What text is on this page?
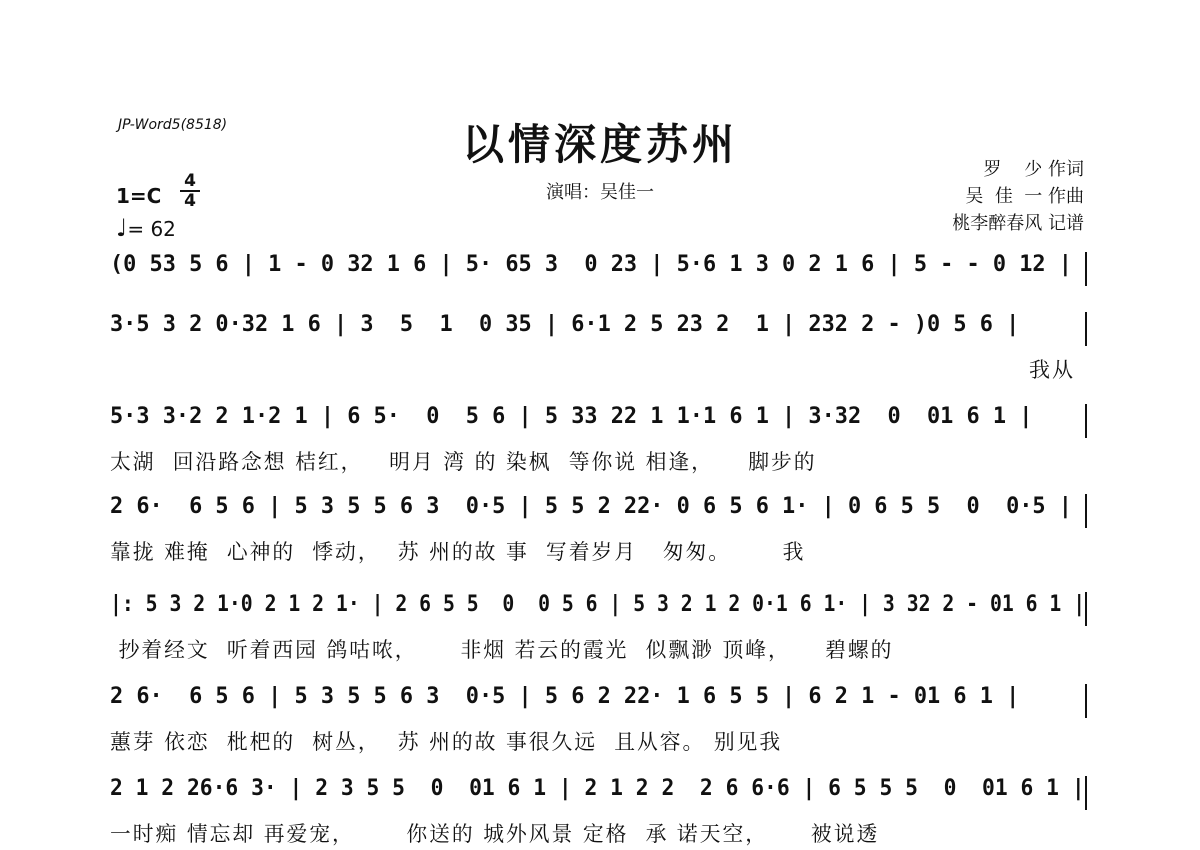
JP-Word5(8518)	以情深度苏州
演唱：吴佳一
罗    少 作词
吴  佳  一 作曲
桃李醉春风 记谱
1=C
4
4
♩= 62
(0 53 5 6 | 1 - 0 32 1 6 | 5· 65 3  0 23 | 5·6 1 3 0 2 1 6 | 5 - - 0 12 |
3·5 3 2 0·32 1 6 | 3  5  1  0 35 | 6·1 2 5 23 2  1 | 232 2 - )0 5 6 |
我从
5·3 3·2 2 1·2 1 | 6 5·  0  5 6 | 5 33 22 1 1·1 6 1 | 3·32  0  01 6 1 |
太湖  回沿路念想 桔红，   明月 湾 的 染枫  等你说 相逢，    脚步的
2 6·  6 5 6 | 5 3 5 5 6 3  0·5 | 5 5 2 22· 0 6 5 6 1· | 0 6 5 5  0  0·5 |
靠拢 难掩  心神的  悸动，  苏 州的故 事  写着岁月   匆匆。      我
|: 5 3 2 1·0 2 1 2 1· | 2 6 5 5  0  0 5 6 | 5 3 2 1 2 0·1 6 1· | 3 32 2 - 01 6 1 |
抄着经文  听着西园 鸽咕哝，     非烟 若云的霞光  似飘渺 顶峰，    碧螺的
2 6·  6 5 6 | 5 3 5 5 6 3  0·5 | 5 6 2 22· 1 6 5 5 | 6 2 1 - 01 6 1 |
蕙芽 依恋  枇杷的  树丛，  苏 州的故 事很久远  且从容。 别见我
2 1 2 26·6 3· | 2 3 5 5  0  01 6 1 | 2 1 2 2  2 6 6·6 | 6 5 5 5  0  01 6 1 |
一时痴 情忘却 再爱宠，      你送的 城外风景 定格  承 诺天空，     被说透
